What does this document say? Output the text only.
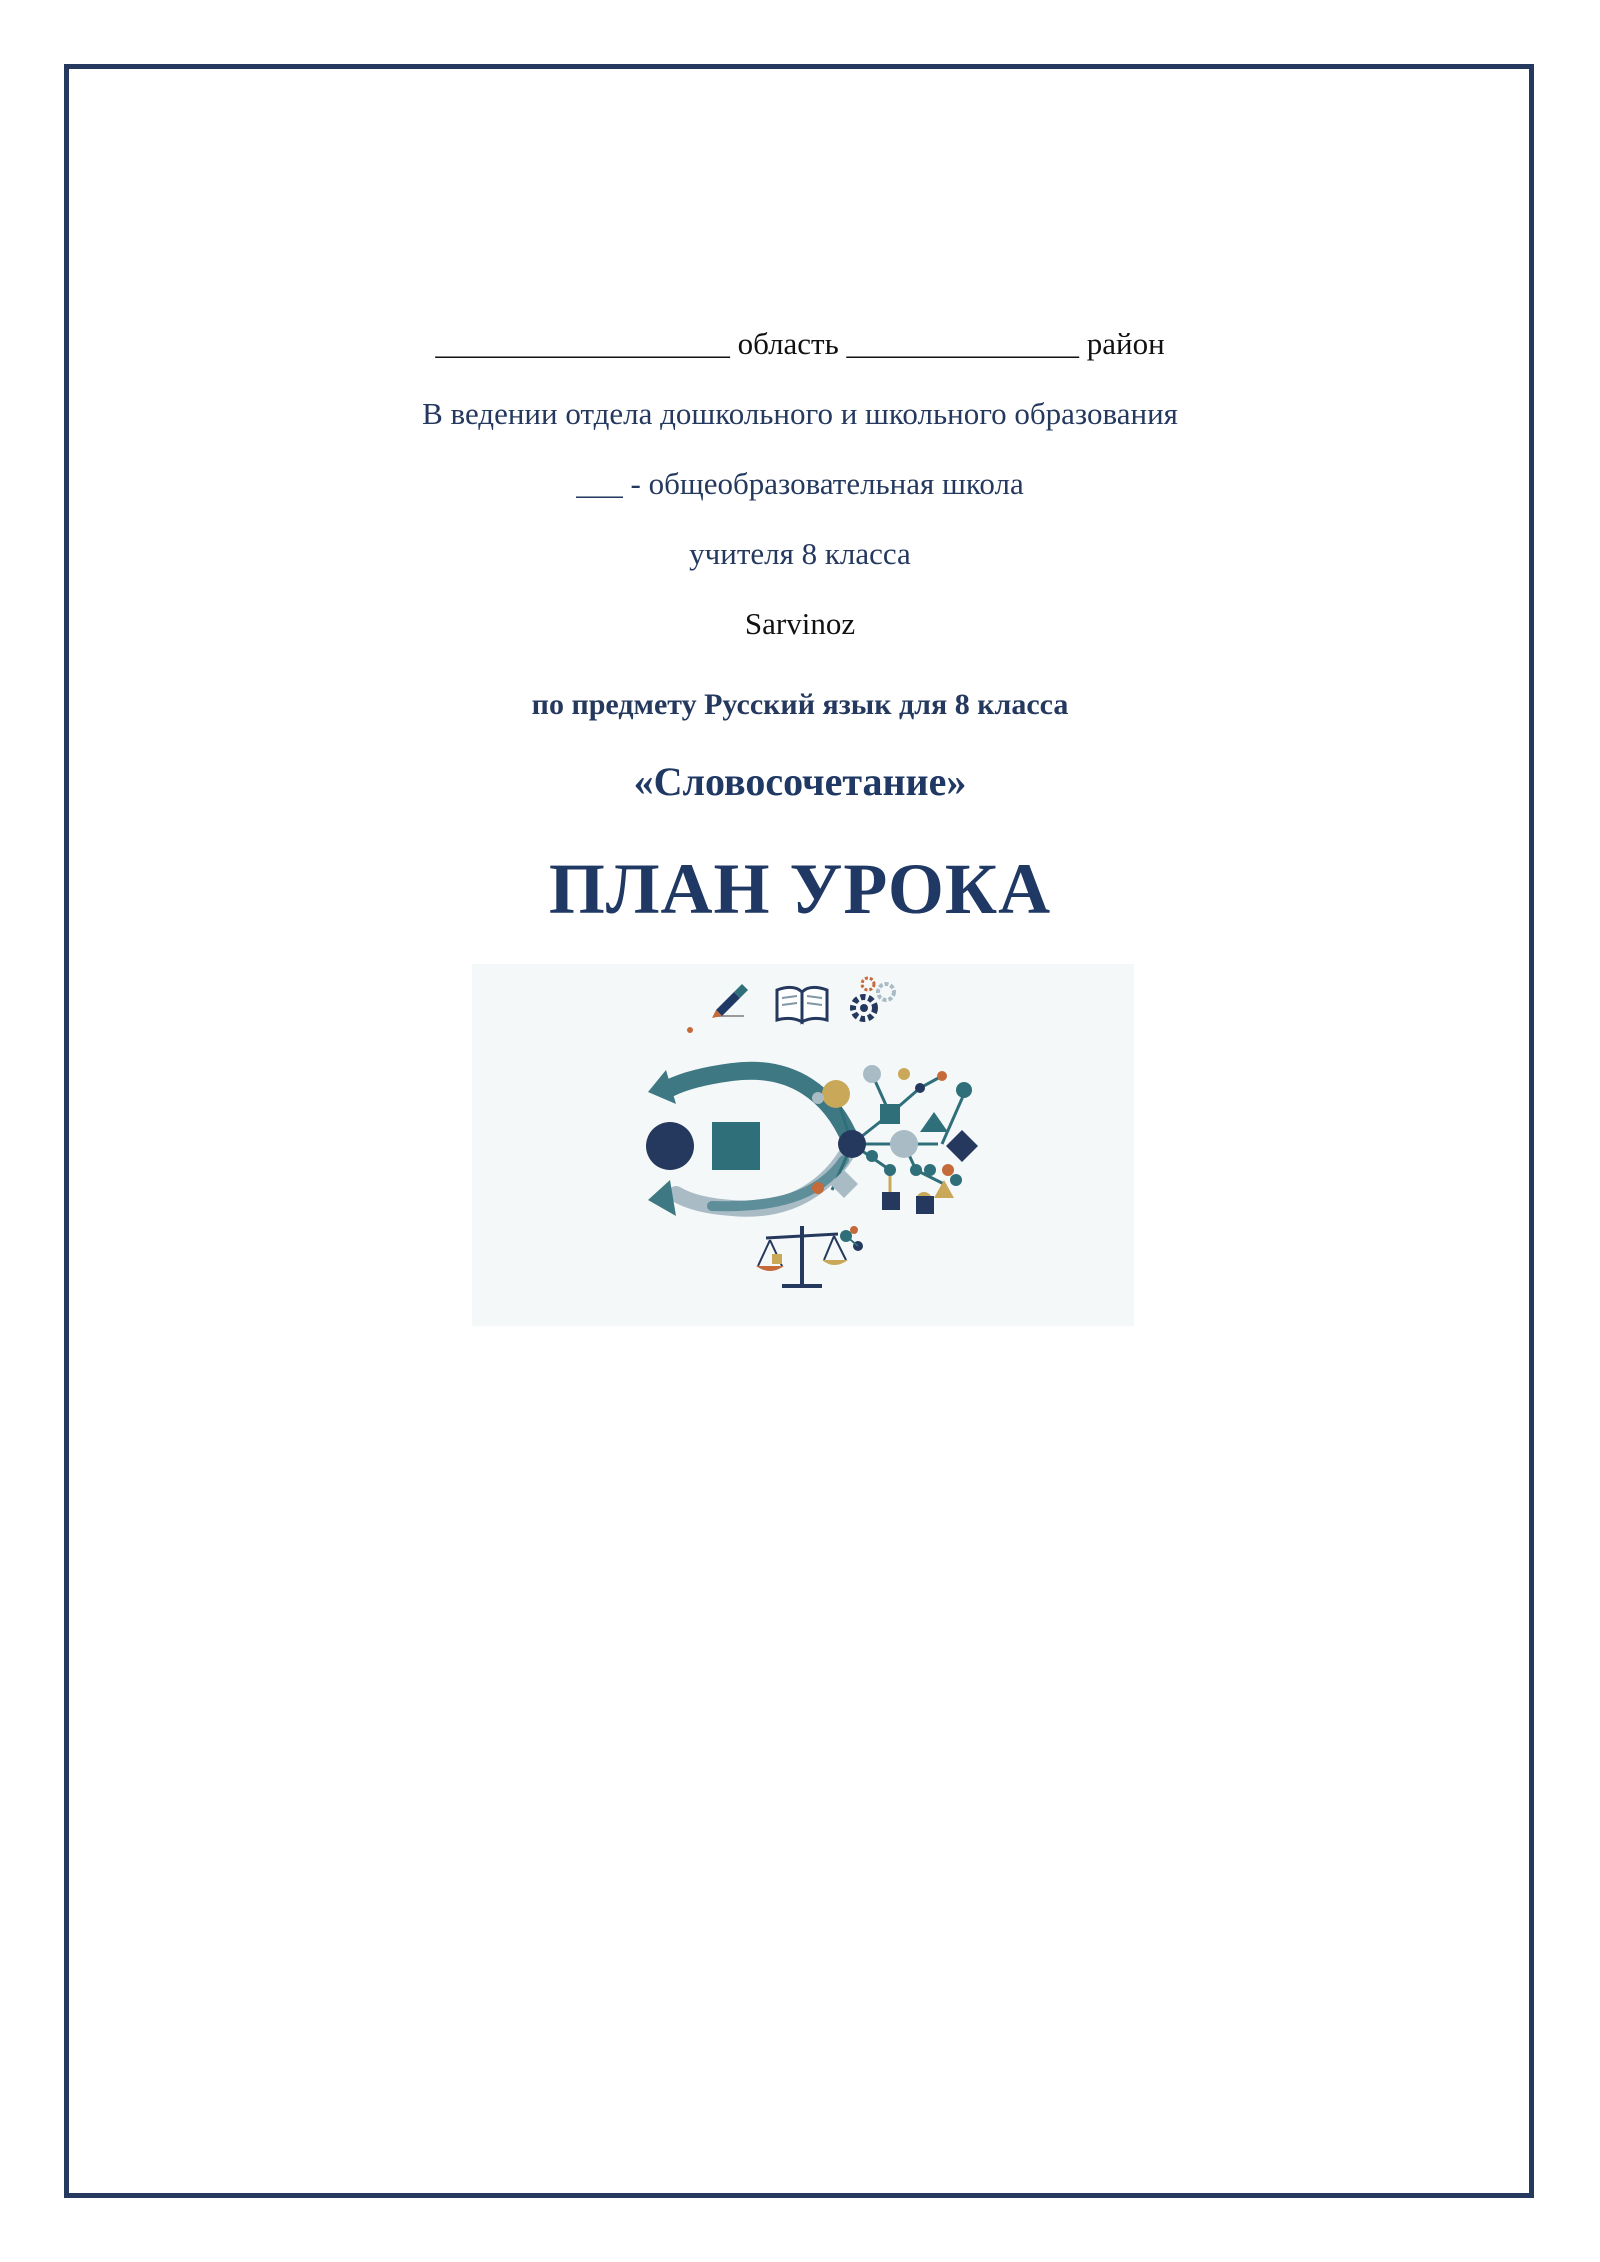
___________________ область _______________ район
В ведении отдела дошкольного и школьного образования
___ - общеобразовательная школа
учителя 8 класса
Sarvinoz
по предмету Русский язык для 8 класса
«Словосочетание»
ПЛАН УРОКА
